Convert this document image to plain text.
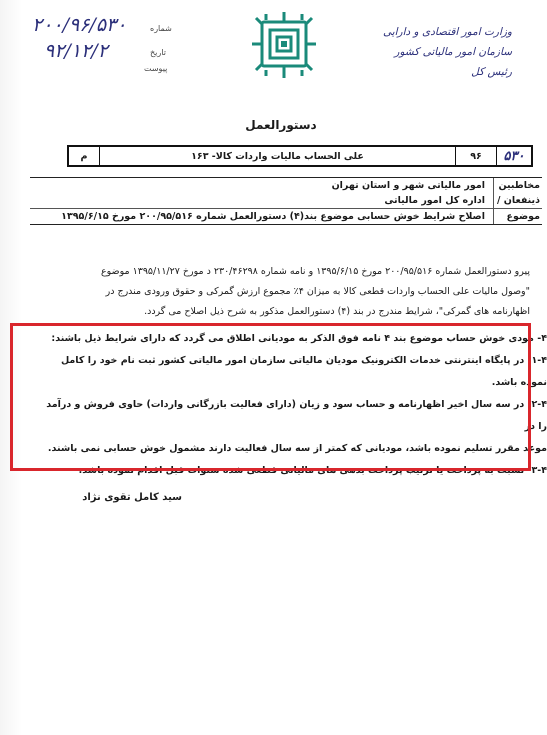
وزارت امور اقتصادی و دارایی
سازمان امور مالیاتی کشور
رئیس کل
۲۰۰/۹۶/۵۳۰	شماره
۹۲/۱۲/۲	تاریخ
پیوست
دستورالعمل
۵۳۰
۹۶
علی الحساب مالیات واردات کالا- ۱۶۳
م
مخاطبین
امور مالیاتی شهر و استان تهران
ذینفعان /
اداره کل امور مالیاتی
موضوع
اصلاح شرایط خوش حسابی موضوع بند(۴) دستورالعمل شماره ۲۰۰/۹۵/۵۱۶ مورخ ۱۳۹۵/۶/۱۵

پیرو دستورالعمل شماره ۲۰۰/۹۵/۵۱۶ مورخ ۱۳۹۵/۶/۱۵ و نامه شماره ۲۳۰/۴۶۲۹۸ د مورخ ۱۳۹۵/۱۱/۲۷ موضوع

"وصول مالیات علی الحساب واردات قطعی کالا به میزان ۴٪ مجموع ارزش گمرکی و حقوق ورودی مندرج در

اظهارنامه های گمرکی"، شرایط مندرج در بند (۴) دستورالعمل مذکور به شرح ذیل اصلاح می گردد.

۴- مودی خوش حساب موضوع بند ۴ نامه فوق الذکر به مودیانی اطلاق می گردد که دارای شرایط ذیل باشند:

۱-۴- در پایگاه اینترنتی خدمات الکترونیک مودیان مالیاتی سازمان امور مالیاتی کشور ثبت نام خود را کامل نموده باشد.

۲-۴- در سه سال اخیر اظهارنامه و حساب سود و زیان (دارای فعالیت بازرگانی واردات) حاوی فروش و درآمد را در

موعد مقرر تسلیم نموده باشد، مودیانی که کمتر از سه سال فعالیت دارند مشمول خوش حسابی نمی باشند.

۳-۴- نسبت به پرداخت یا ترتیب پرداخت بدهی های مالیاتی قطعی شده سنوات قبل اقدام نموده باشد.

سید کامل تقوی نژاد
